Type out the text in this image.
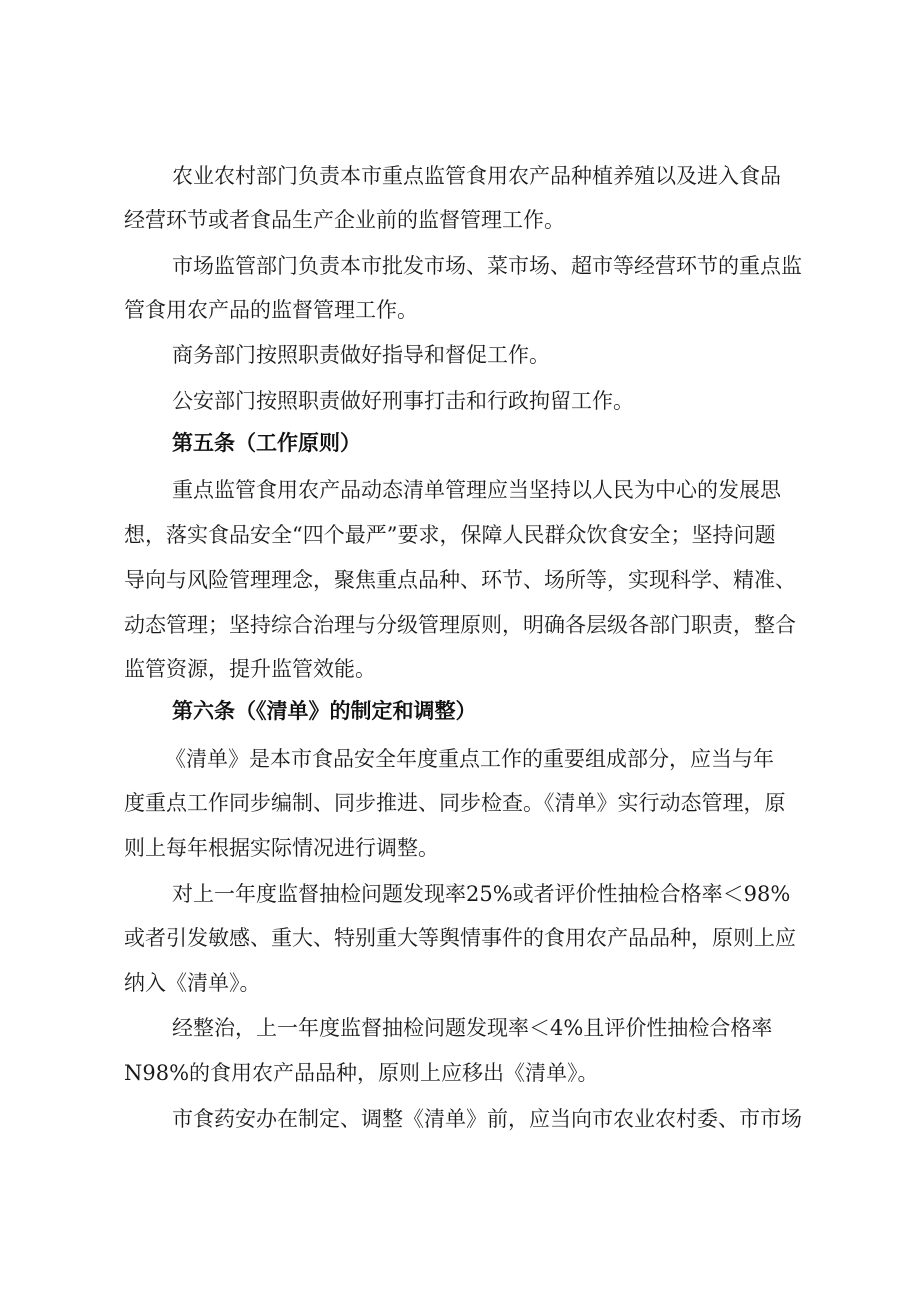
农业农村部门负责本市重点监管食用农产品种植养殖以及进入食品
经营环节或者食品生产企业前的监督管理工作。
市场监管部门负责本市批发市场、菜市场、超市等经营环节的重点监
管食用农产品的监督管理工作。
商务部门按照职责做好指导和督促工作。
公安部门按照职责做好刑事打击和行政拘留工作。
第五条（工作原则）
重点监管食用农产品动态清单管理应当坚持以人民为中心的发展思
想，落实食品安全“四个最严”要求，保障人民群众饮食安全；坚持问题
导向与风险管理理念，聚焦重点品种、环节、场所等，实现科学、精准、
动态管理；坚持综合治理与分级管理原则，明确各层级各部门职责，整合
监管资源，提升监管效能。
第六条（《清单》的制定和调整）
《清单》是本市食品安全年度重点工作的重要组成部分，应当与年
度重点工作同步编制、同步推进、同步检查。《清单》实行动态管理，原
则上每年根据实际情况进行调整。
对上一年度监督抽检问题发现率25%或者评价性抽检合格率＜98%
或者引发敏感、重大、特别重大等舆情事件的食用农产品品种，原则上应
纳入《清单》。
经整治，上一年度监督抽检问题发现率＜4%且评价性抽检合格率
N98%的食用农产品品种，原则上应移出《清单》。
市食药安办在制定、调整《清单》前，应当向市农业农村委、市市场
